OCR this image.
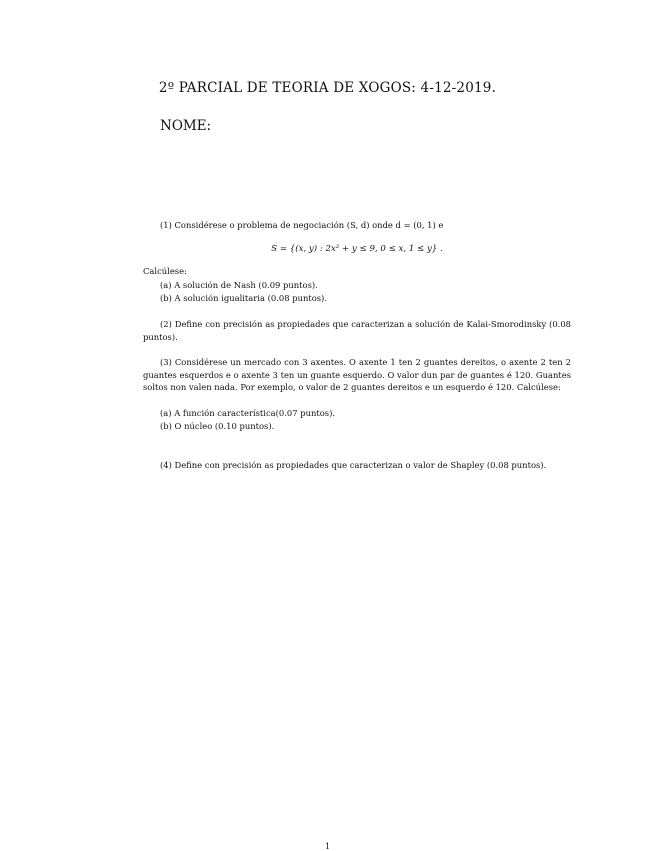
2º PARCIAL DE TEORIA DE XOGOS: 4-12-2019.
NOME:
(1) Considérese o problema de negociación (S, d) onde d = (0, 1) e
S = {(x, y) : 2x² + y ≤ 9, 0 ≤ x, 1 ≤ y} .
Calcúlese:
(a) A solución de Nash (0.09 puntos).
(b) A solución igualitaria (0.08 puntos).
(2) Define con precisión as propiedades que caracterizan a solución de Kalai-Smorodinsky (0.08 puntos).
(3) Considérese un mercado con 3 axentes. O axente 1 ten 2 guantes dereitos, o axente 2 ten 2 guantes esquerdos e o axente 3 ten un guante esquerdo. O valor dun par de guantes é 120. Guantes soltos non valen nada. Por exemplo, o valor de 2 guantes dereitos e un esquerdo é 120. Calcúlese:
(a) A función característica(0.07 puntos).
(b) O núcleo (0.10 puntos).
(4) Define con precisión as propiedades que caracterizan o valor de Shapley (0.08 puntos).
1
